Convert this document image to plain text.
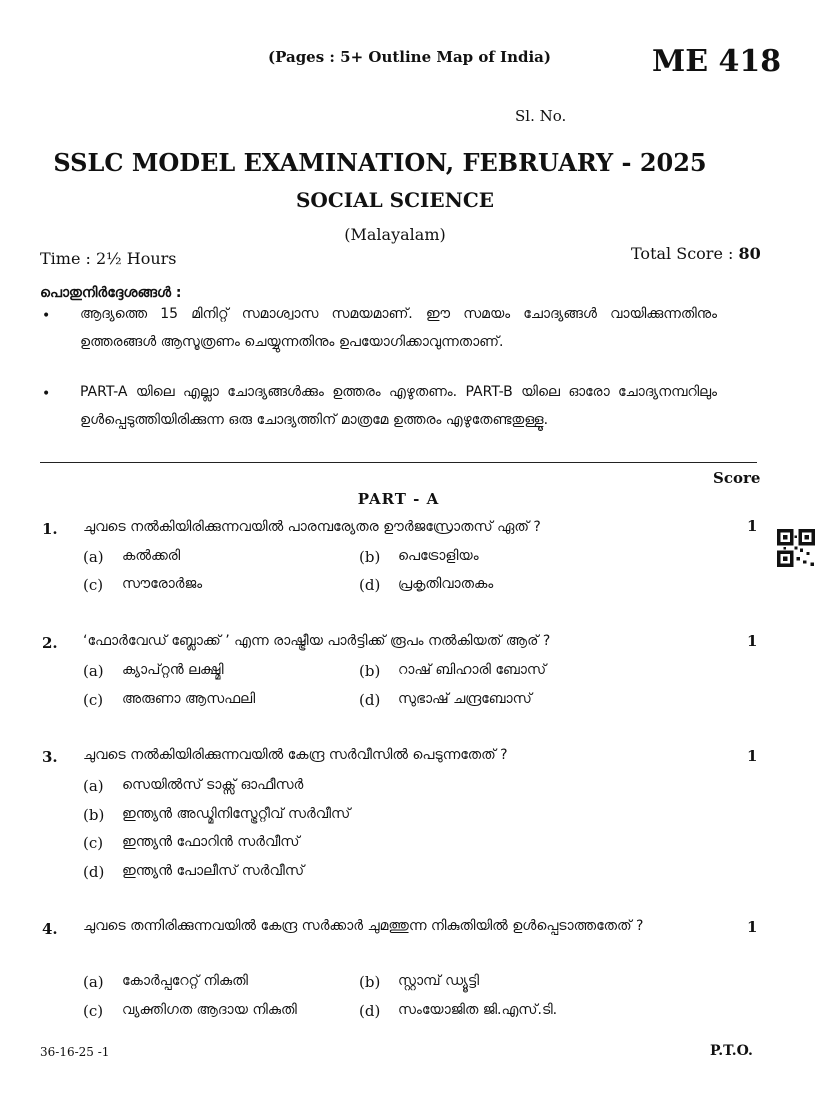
(Pages : 5+ Outline Map of India)	ME 418
Sl. No.
SSLC MODEL EXAMINATION, FEBRUARY - 2025
SOCIAL SCIENCE
(Malayalam)
Time : 2½ Hours	Total Score : 80
പൊതുനിർദ്ദേശങ്ങൾ :
• ആദ്യത്തെ 15 മിനിറ്റ് സമാശ്വാസ സമയമാണ്. ഈ സമയം ചോദ്യങ്ങൾ വായിക്കുന്നതിനും ഉത്തരങ്ങൾ ആസൂത്രണം ചെയ്യുന്നതിനും ഉപയോഗിക്കാവുന്നതാണ്.
• PART-A യിലെ എല്ലാ ചോദ്യങ്ങൾക്കും ഉത്തരം എഴുതണം. PART-B യിലെ ഓരോ ചോദ്യനമ്പറിലും ഉൾപ്പെടുത്തിയിരിക്കുന്ന ഒരു ചോദ്യത്തിന് മാത്രമേ ഉത്തരം എഴുതേണ്ടതുള്ളൂ.
Score
PART - A
1. ചുവടെ നൽകിയിരിക്കുന്നവയിൽ പാരമ്പര്യേതര ഊർജസ്രോതസ് ഏത് ?	1
(a) കൽക്കരി	(b) പെട്രോളിയം
(c) സൗരോർജം	(d) പ്രകൃതിവാതകം
2. ‘ഫോർവേഡ് ബ്ലോക്ക് ’ എന്ന രാഷ്ട്രീയ പാർട്ടിക്ക് രൂപം നൽകിയത് ആര് ?	1
(a) ക്യാപ്റ്റൻ ലക്ഷ്മി	(b) റാഷ് ബിഹാരി ബോസ്
(c) അരുണാ ആസഫലി	(d) സുഭാഷ് ചന്ദ്രബോസ്
3. ചുവടെ നൽകിയിരിക്കുന്നവയിൽ കേന്ദ്ര സർവീസിൽ പെടുന്നതേത് ?	1
(a) സെയിൽസ് ടാക്സ് ഓഫീസർ
(b) ഇന്ത്യൻ അഡ്മിനിസ്ട്രേറ്റീവ് സർവീസ്
(c) ഇന്ത്യൻ ഫോറിൻ സർവീസ്
(d) ഇന്ത്യൻ പോലീസ് സർവീസ്
4. ചുവടെ തന്നിരിക്കുന്നവയിൽ കേന്ദ്ര സർക്കാർ ചുമത്തുന്ന നികുതിയിൽ ഉൾപ്പെടാത്തതേത് ?	1
(a) കോർപ്പറേറ്റ് നികുതി	(b) സ്റ്റാമ്പ് ഡ്യൂട്ടി
(c) വ്യക്തിഗത ആദായ നികുതി	(d) സംയോജിത ജി.എസ്.ടി.
36-16-25 -1	P.T.O.
